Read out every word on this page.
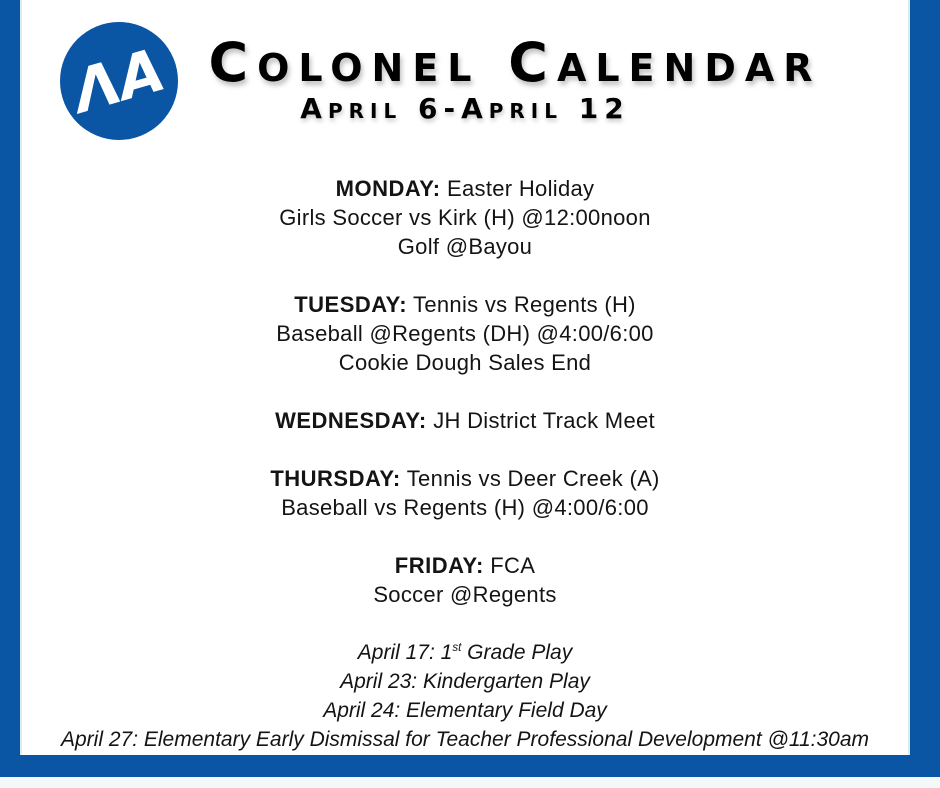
ΛA Colonel Calendar
April 6-April 12
MONDAY: Easter Holiday
Girls Soccer vs Kirk (H) @12:00noon
Golf @Bayou
TUESDAY: Tennis vs Regents (H)
Baseball @Regents (DH) @4:00/6:00
Cookie Dough Sales End
WEDNESDAY: JH District Track Meet
THURSDAY: Tennis vs Deer Creek (A)
Baseball vs Regents (H) @4:00/6:00
FRIDAY: FCA
Soccer @Regents
April 17: 1st Grade Play
April 23: Kindergarten Play
April 24: Elementary Field Day
April 27: Elementary Early Dismissal for Teacher Professional Development @11:30am
